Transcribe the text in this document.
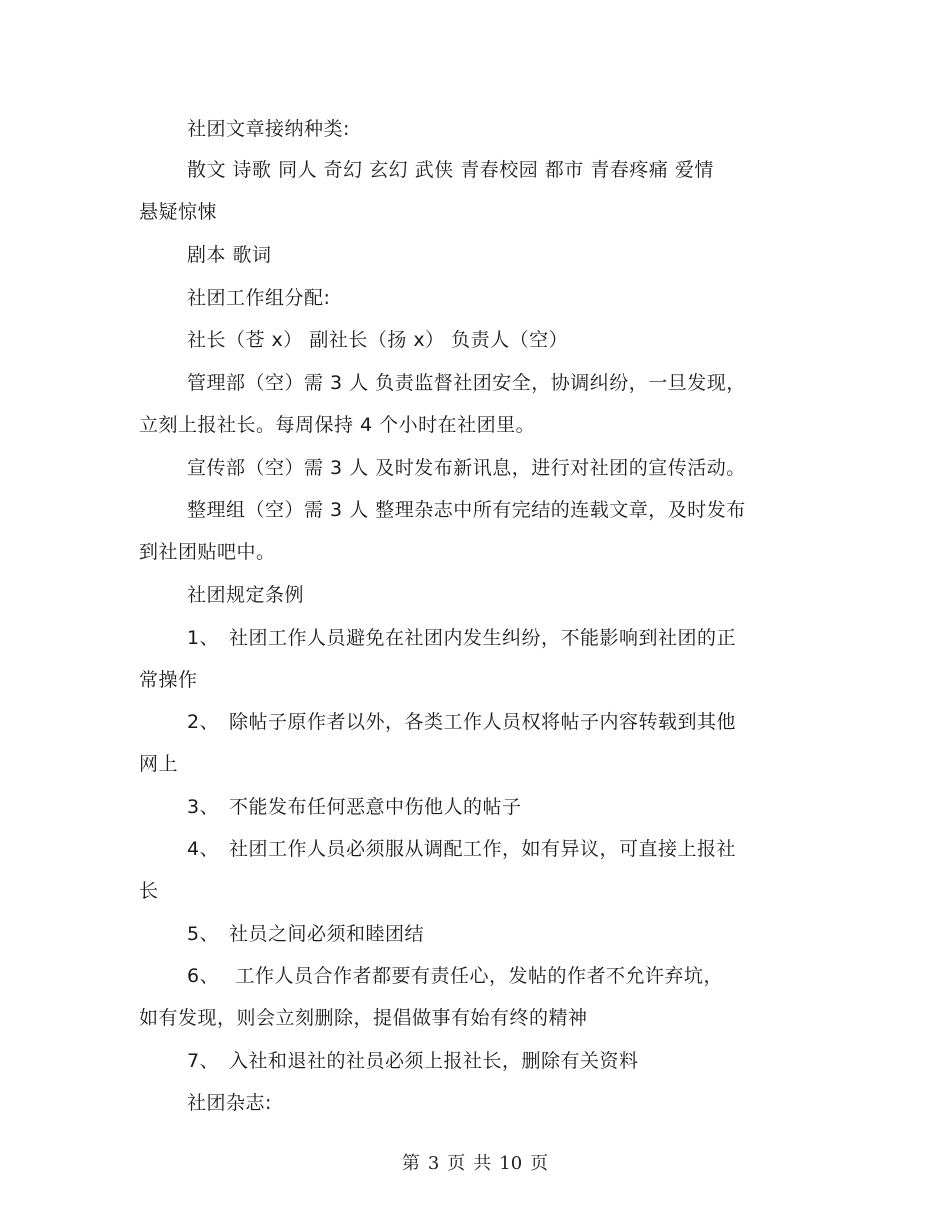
社团文章接纳种类:
散文 诗歌 同人 奇幻 玄幻 武侠 青春校园 都市 青春疼痛 爱情
悬疑惊悚
剧本 歌词
社团工作组分配:
社长（苍 x） 副社长（扬 x） 负责人（空）
管理部（空）需 3 人 负责监督社团安全，协调纠纷，一旦发现，
立刻上报社长。每周保持 4 个小时在社团里。
宣传部（空）需 3 人 及时发布新讯息，进行对社团的宣传活动。
整理组（空）需 3 人 整理杂志中所有完结的连载文章，及时发布
到社团贴吧中。
社团规定条例
1、 社团工作人员避免在社团内发生纠纷，不能影响到社团的正
常操作
2、 除帖子原作者以外，各类工作人员权将帖子内容转载到其他
网上
3、 不能发布任何恶意中伤他人的帖子
4、 社团工作人员必须服从调配工作，如有异议，可直接上报社
长
5、 社员之间必须和睦团结
6、 工作人员合作者都要有责任心，发帖的作者不允许弃坑，
如有发现，则会立刻删除，提倡做事有始有终的精神
7、 入社和退社的社员必须上报社长，删除有关资料
社团杂志:
第 3 页 共 10 页
